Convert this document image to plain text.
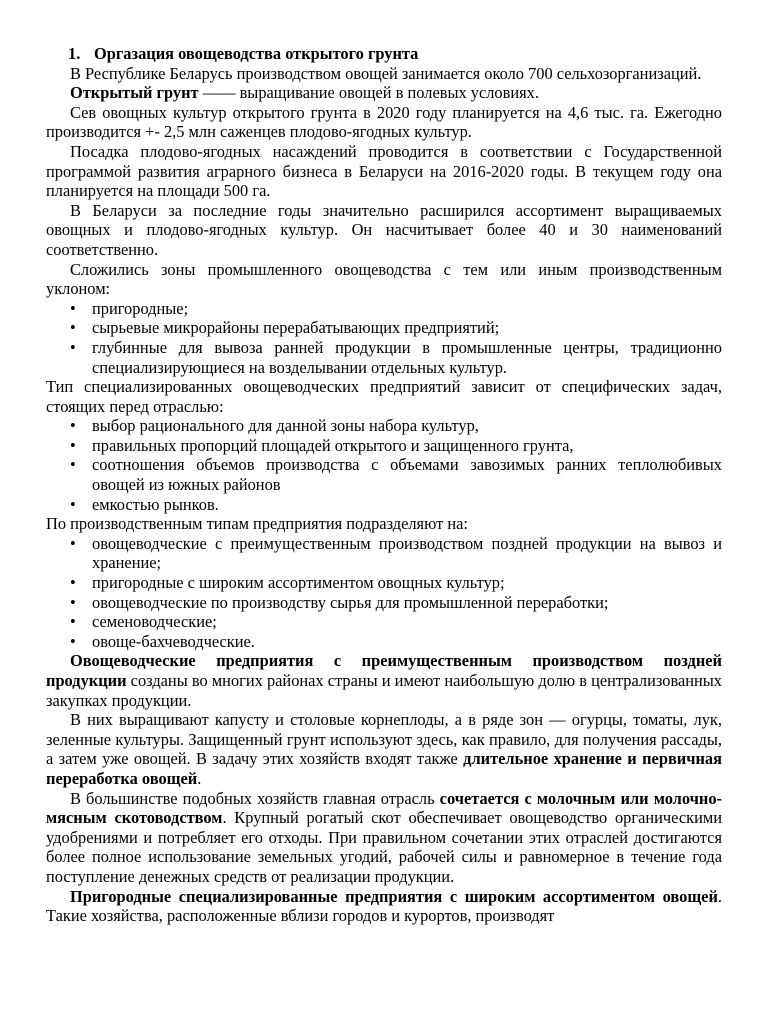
1. Оргазация овощеводства открытого грунта

В Республике Беларусь производством овощей занимается около 700 сельхозорганизаций.

Открытый грунт —— выращивание овощей в полевых условиях.

Сев овощных культур открытого грунта в 2020 году планируется на 4,6 тыс. га. Ежегодно производится +- 2,5 млн саженцев плодово-ягодных культур.

Посадка плодово-ягодных насаждений проводится в соответствии с Государственной программой развития аграрного бизнеса в Беларуси на 2016-2020 годы. В текущем году она планируется на площади 500 га.

В Беларуси за последние годы значительно расширился ассортимент выращиваемых овощных и плодово-ягодных культур. Он насчитывает более 40 и 30 наименований соответственно.

Сложились зоны промышленного овощеводства с тем или иным производственным уклоном:

• пригородные;
• сырьевые микрорайоны перерабатывающих предприятий;
• глубинные для вывоза ранней продукции в промышленные центры, традиционно специализирующиеся на возделывании отдельных культур.

Тип специализированных овощеводческих предприятий зависит от специфических задач, стоящих перед отраслью:

• выбор рационального для данной зоны набора культур,
• правильных пропорций площадей открытого и защищенного грунта,
• соотношения объемов производства с объемами завозимых ранних теплолюбивых овощей из южных районов
• емкостью рынков.

По производственным типам предприятия подразделяют на:

• овощеводческие с преимущественным производством поздней продукции на вывоз и хранение;
• пригородные с широким ассортиментом овощных культур;
• овощеводческие по производству сырья для промышленной переработки;
• семеноводческие;
• овоще-бахчеводческие.

Овощеводческие предприятия с преимущественным производством поздней продукции созданы во многих районах страны и имеют наибольшую долю в централизованных закупках продукции.

В них выращивают капусту и столовые корнеплоды, а в ряде зон — огурцы, томаты, лук, зеленные культуры. Защищенный грунт используют здесь, как правило, для получения рассады, а затем уже овощей. В задачу этих хозяйств входят также длительное хранение и первичная переработка овощей.

В большинстве подобных хозяйств главная отрасль сочетается с молочным или молочно-мясным скотоводством. Крупный рогатый скот обеспечивает овощеводство органическими удобрениями и потребляет его отходы. При правильном сочетании этих отраслей достигаются более полное использование земельных угодий, рабочей силы и равномерное в течение года поступление денежных средств от реализации продукции.

Пригородные специализированные предприятия с широким ассортиментом овощей. Такие хозяйства, расположенные вблизи городов и курортов, производят
